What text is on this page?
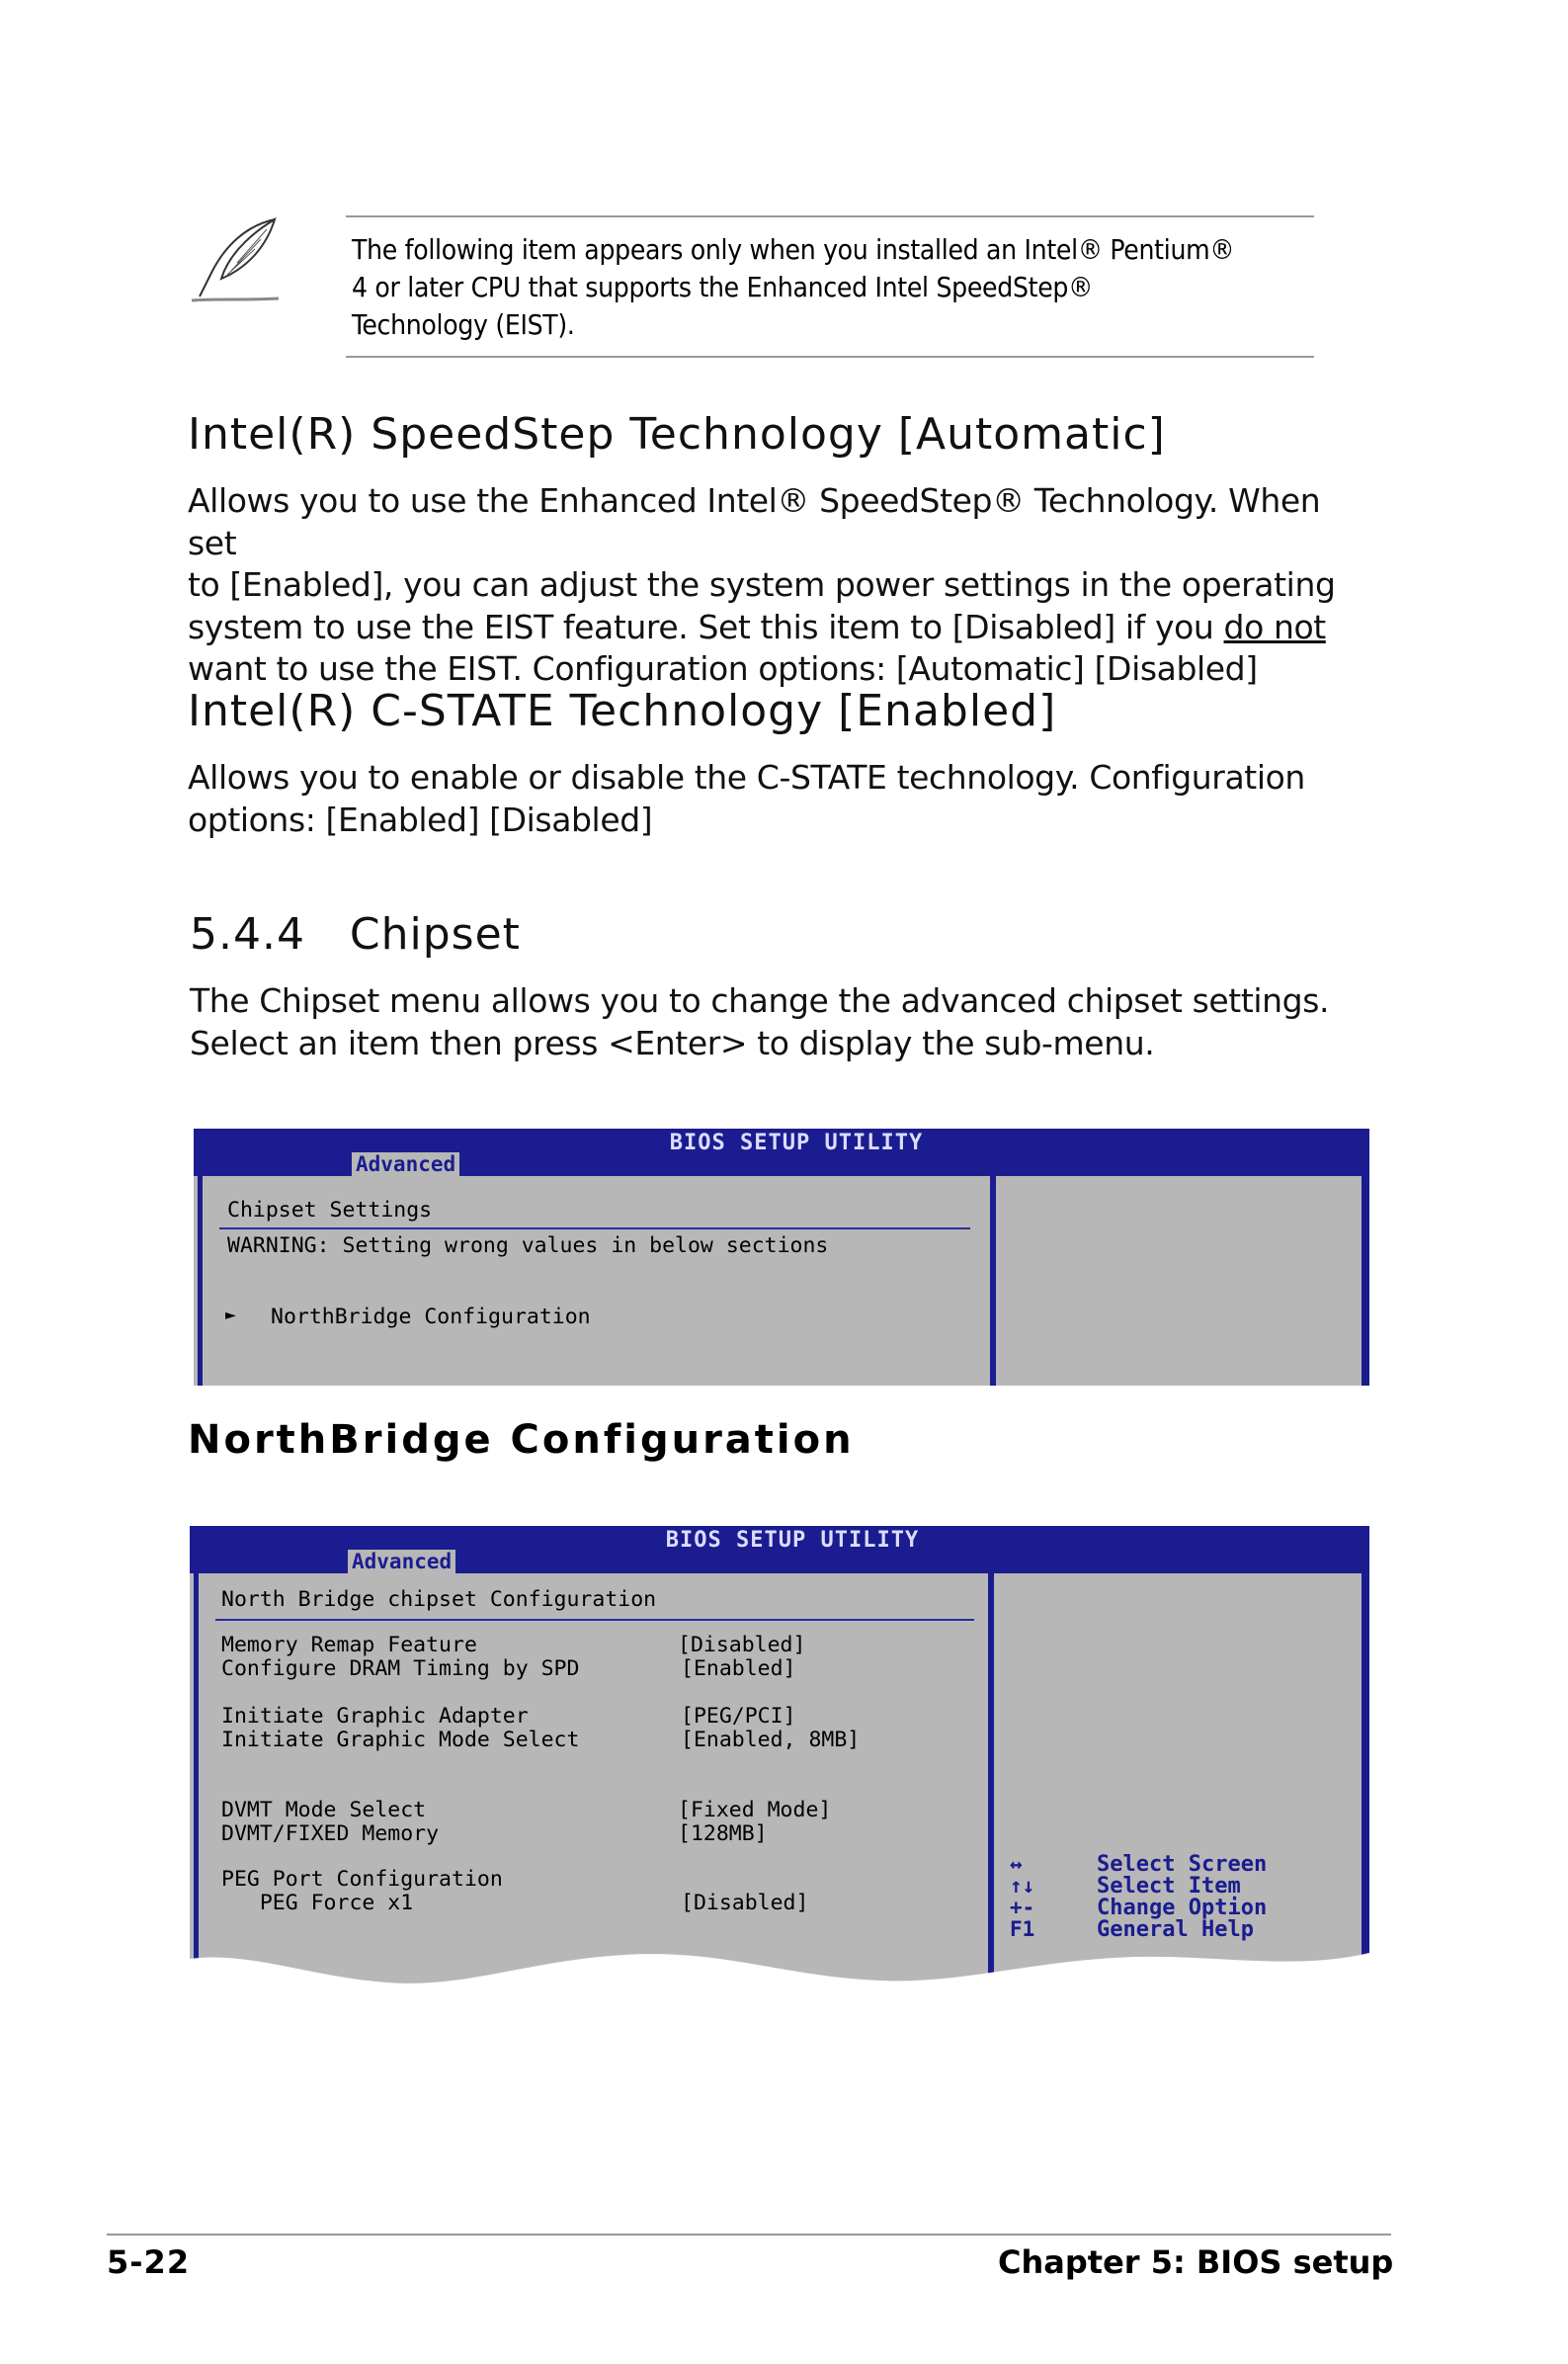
The following item appears only when you installed an Intel® Pentium®
4 or later CPU that supports the Enhanced Intel SpeedStep®
Technology (EIST).
Intel(R) SpeedStep Technology [Automatic]
Allows you to use the Enhanced Intel® SpeedStep® Technology. When set
to [Enabled], you can adjust the system power settings in the operating
system to use the EIST feature. Set this item to [Disabled] if you do not
want to use the EIST. Configuration options: [Automatic] [Disabled]
Intel(R) C-STATE Technology [Enabled]
Allows you to enable or disable the C-STATE technology. Configuration
options: [Enabled] [Disabled]
5.4.4   Chipset
The Chipset menu allows you to change the advanced chipset settings.
Select an item then press <Enter> to display the sub-menu.
BIOS SETUP UTILITY
Advanced
Chipset Settings
WARNING: Setting wrong values in below sections
► NorthBridge Configuration
NorthBridge Configuration
BIOS SETUP UTILITY
Advanced
North Bridge chipset Configuration
Memory Remap Feature	[Disabled]
Configure DRAM Timing by SPD	[Enabled]
Initiate Graphic Adapter	[PEG/PCI]
Initiate Graphic Mode Select	[Enabled, 8MB]
DVMT Mode Select	[Fixed Mode]
DVMT/FIXED Memory	[128MB]
PEG Port Configuration
PEG Force x1	[Disabled]
↔	Select Screen
↑↓	Select Item
+-	Change Option
F1	General Help
5-22	Chapter 5: BIOS setup
